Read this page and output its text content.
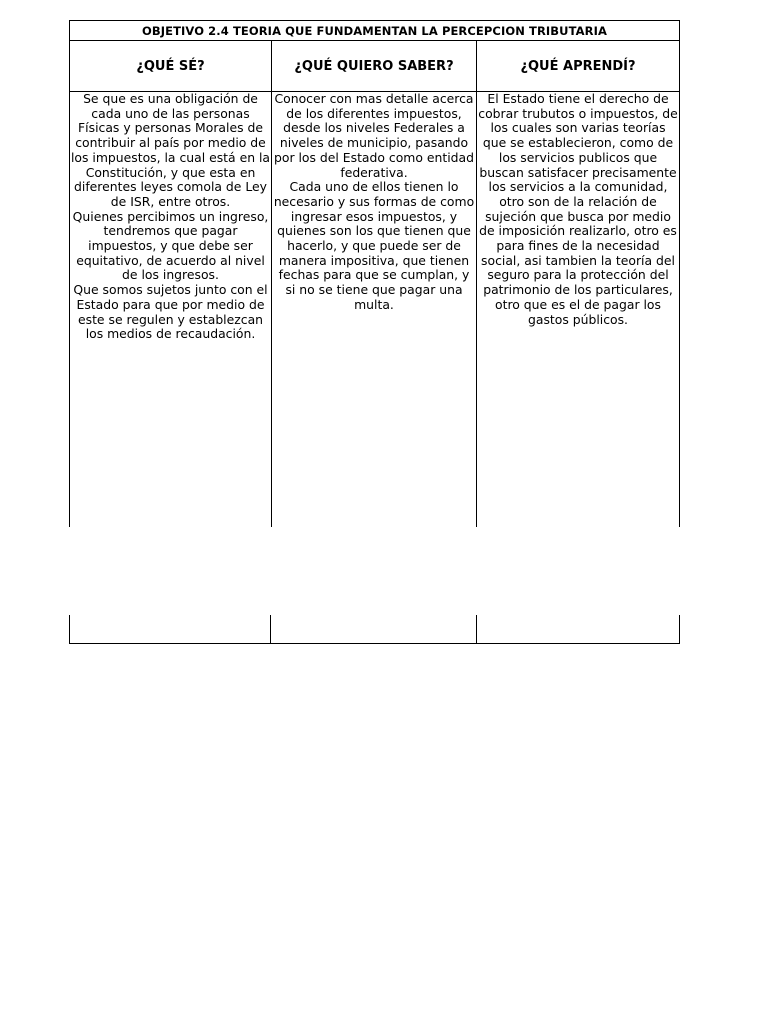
OBJETIVO 2.4 TEORIA QUE FUNDAMENTAN LA PERCEPCION TRIBUTARIA
¿QUÉ SÉ?	¿QUÉ QUIERO SABER?	¿QUÉ APRENDÍ?

Se que es una obligación de cada uno de las personas Físicas y personas Morales de contribuir al país por medio de los impuestos, la cual está en la Constitución, y que esta en diferentes leyes comola de Ley de ISR, entre otros.

Quienes percibimos un ingreso, tendremos que pagar impuestos, y que debe ser equitativo, de acuerdo al nivel de los ingresos.

Que somos sujetos junto con el Estado para que por medio de este se regulen y establezcan los medios de recaudación.

Conocer con mas detalle acerca de los diferentes impuestos, desde los niveles Federales a niveles de municipio, pasando por los del Estado como entidad federativa.

Cada uno de ellos tienen lo necesario y sus formas de como ingresar esos impuestos, y quienes son los que tienen que hacerlo, y que puede ser de manera impositiva, que tienen fechas para que se cumplan, y si no se tiene que pagar una multa.

El Estado tiene el derecho de cobrar trubutos o impuestos, de los cuales son varias teorías que se establecieron, como de los servicios publicos que buscan satisfacer precisamente los servicios a la comunidad, otro son de la relación de sujeción que busca por medio de imposición realizarlo, otro es para fines de la necesidad social, asi tambien la teoría del seguro para la protección del patrimonio de los particulares, otro que es el de pagar los gastos públicos.
